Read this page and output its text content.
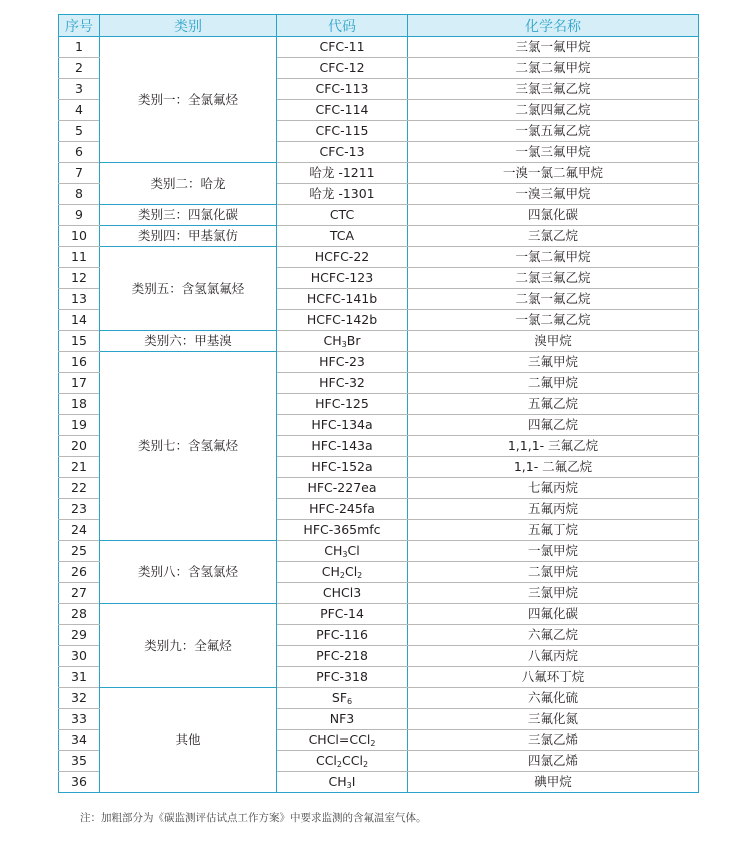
序号	类别	代码	化学名称
1	类别一：全氯氟烃	CFC-11	三氯一氟甲烷
2		CFC-12	二氯二氟甲烷
3		CFC-113	三氯三氟乙烷
4		CFC-114	二氯四氟乙烷
5		CFC-115	一氯五氟乙烷
6		CFC-13	一氯三氟甲烷
7	类别二：哈龙	哈龙 -1211	一溴一氯二氟甲烷
8		哈龙 -1301	一溴三氟甲烷
9	类别三：四氯化碳	CTC	四氯化碳
10	类别四：甲基氯仿	TCA	三氯乙烷
11	类别五：含氢氯氟烃	HCFC-22	一氯二氟甲烷
12		HCFC-123	二氯三氟乙烷
13		HCFC-141b	二氯一氟乙烷
14		HCFC-142b	一氯二氟乙烷
15	类别六：甲基溴	$CH_3Br$	溴甲烷
16	类别七：含氢氟烃	HFC-23	三氟甲烷
17		HFC-32	二氟甲烷
18		HFC-125	五氟乙烷
19		HFC-134a	四氟乙烷
20		HFC-143a	1,1,1- 三氟乙烷
21		HFC-152a	1,1- 二氟乙烷
22		HFC-227ea	七氟丙烷
23		HFC-245fa	五氟丙烷
24		HFC-365mfc	五氟丁烷
25	类别八：含氢氯烃	$CH_3Cl$	一氯甲烷
26		$CH_2Cl_2$	二氯甲烷
27		CHCl3	三氯甲烷
28	类别九：全氟烃	PFC-14	四氟化碳
29		PFC-116	六氟乙烷
30		PFC-218	八氟丙烷
31		PFC-318	八氟环丁烷
32	其他	$SF_6$	六氟化硫
33		NF3	三氟化氮
34		CHCl=CCl$_2$	三氯乙烯
35		CCl$_2$CCl$_2$	四氯乙烯
36		$CH_3I$	碘甲烷
注：加粗部分为《碳监测评估试点工作方案》中要求监测的含氟温室气体。
